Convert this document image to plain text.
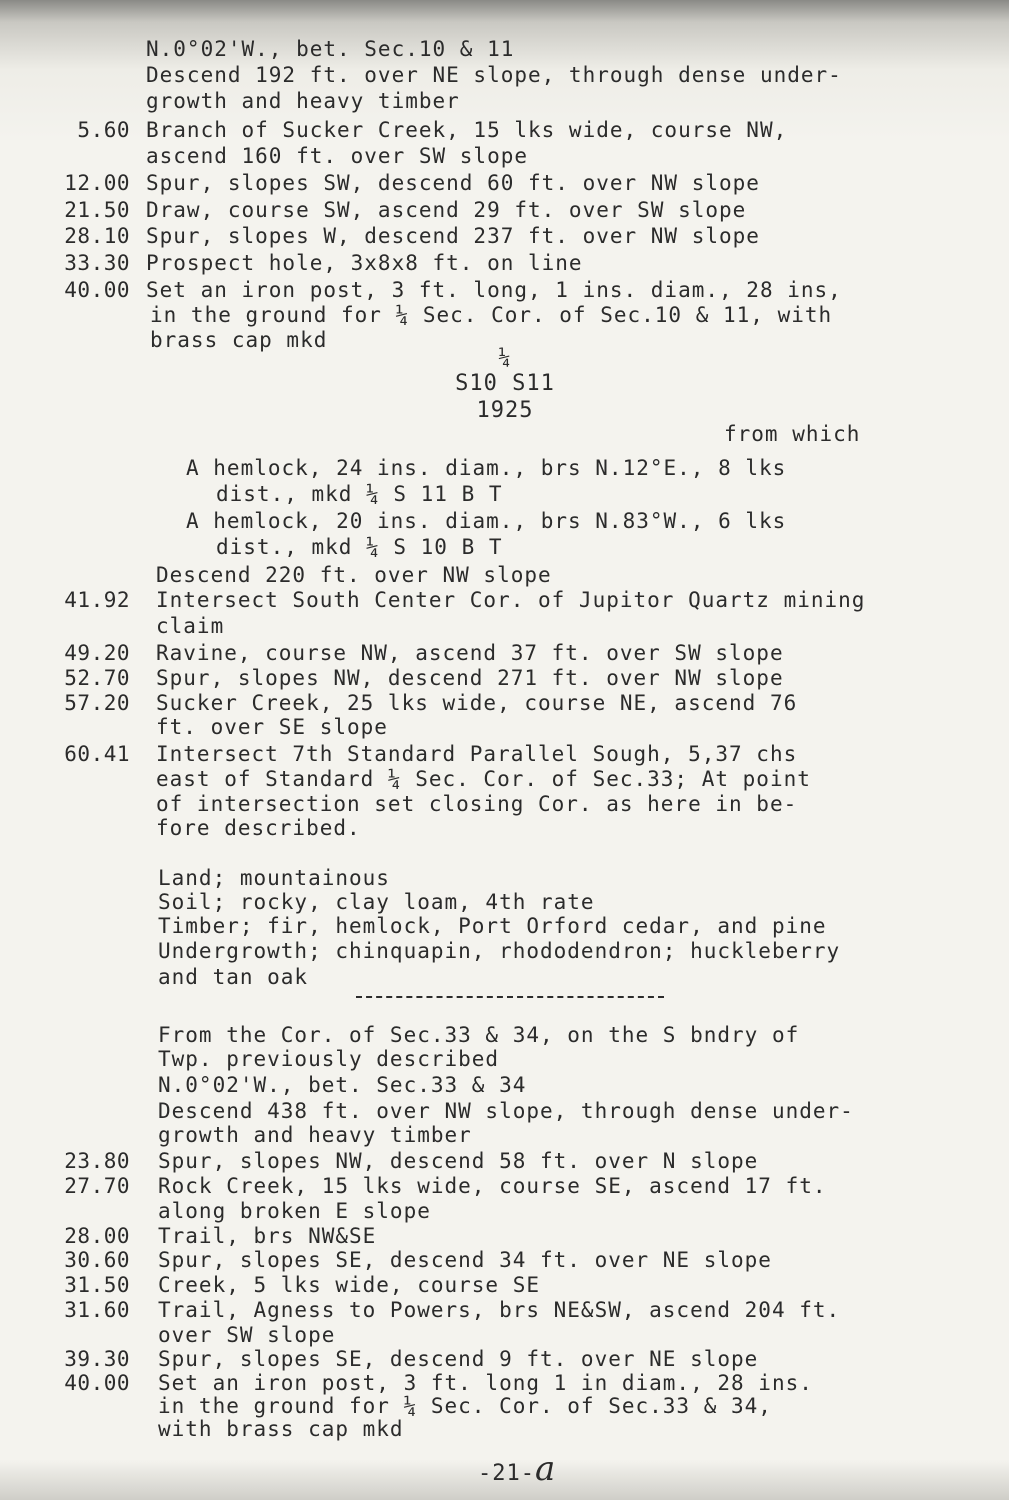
N.0°02'W., bet. Sec.10 & 11
Descend 192 ft. over NE slope, through dense under-
growth and heavy timber
5.60 Branch of Sucker Creek, 15 lks wide, course NW,
ascend 160 ft. over SW slope
12.00 Spur, slopes SW, descend 60 ft. over NW slope
21.50 Draw, course SW, ascend 29 ft. over SW slope
28.10 Spur, slopes W, descend 237 ft. over NW slope
33.30 Prospect hole, 3x8x8 ft. on line
40.00 Set an iron post, 3 ft. long, 1 ins. diam., 28 ins,
in the ground for ¼ Sec. Cor. of Sec.10 & 11, with
brass cap mkd
¼
S10 S11
1925
from which
A hemlock, 24 ins. diam., brs N.12°E., 8 lks
dist., mkd ¼ S 11 B T
A hemlock, 20 ins. diam., brs N.83°W., 6 lks
dist., mkd ¼ S 10 B T
Descend 220 ft. over NW slope
41.92 Intersect South Center Cor. of Jupitor Quartz mining
claim
49.20 Ravine, course NW, ascend 37 ft. over SW slope
52.70 Spur, slopes NW, descend 271 ft. over NW slope
57.20 Sucker Creek, 25 lks wide, course NE, ascend 76
ft. over SE slope
60.41 Intersect 7th Standard Parallel Sough, 5,37 chs
east of Standard ¼ Sec. Cor. of Sec.33; At point
of intersection set closing Cor. as here in be-
fore described.
Land; mountainous
Soil; rocky, clay loam, 4th rate
Timber; fir, hemlock, Port Orford cedar, and pine
Undergrowth; chinquapin, rhododendron; huckleberry
and tan oak
From the Cor. of Sec.33 & 34, on the S bndry of
Twp. previously described
N.0°02'W., bet. Sec.33 & 34
Descend 438 ft. over NW slope, through dense under-
growth and heavy timber
23.80 Spur, slopes NW, descend 58 ft. over N slope
27.70 Rock Creek, 15 lks wide, course SE, ascend 17 ft.
along broken E slope
28.00 Trail, brs NW&SE
30.60 Spur, slopes SE, descend 34 ft. over NE slope
31.50 Creek, 5 lks wide, course SE
31.60 Trail, Agness to Powers, brs NE&SW, ascend 204 ft.
over SW slope
39.30 Spur, slopes SE, descend 9 ft. over NE slope
40.00 Set an iron post, 3 ft. long 1 in diam., 28 ins.
in the ground for ¼ Sec. Cor. of Sec.33 & 34,
with brass cap mkd
-21-a
